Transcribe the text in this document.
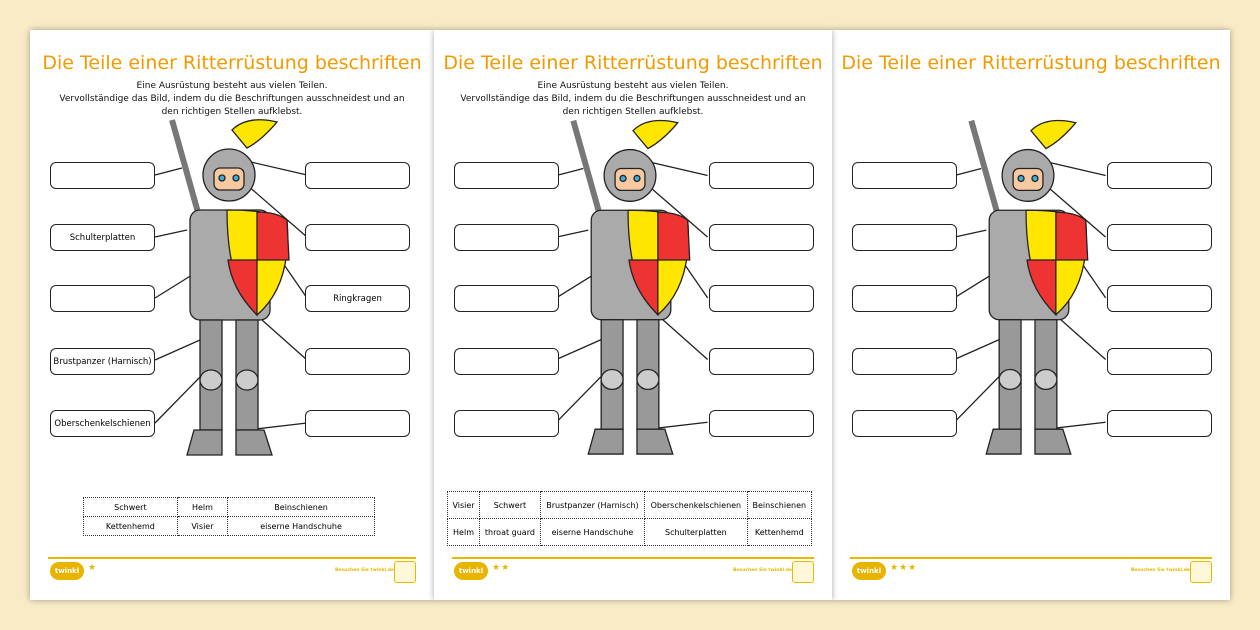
Die Teile einer Ritterrüstung beschriften
Eine Ausrüstung besteht aus vielen Teilen.
Vervollständige das Bild, indem du die Beschriftungen ausschneidest und an den richtigen Stellen aufklebst.
Schulterplatten
Ringkragen
Brustpanzer (Harnisch)
Oberschenkelschienen
Schwert	Helm	Beinschienen
Kettenhemd	Visier	eiserne Handschuhe
twinkl ★	Besuchen Sie twinkl.de
Die Teile einer Ritterrüstung beschriften
twinkl ★★★	Besuchen Sie twinkl.de
Die Teile einer Ritterrüstung beschriften
Eine Ausrüstung besteht aus vielen Teilen.
Vervollständige das Bild, indem du die Beschriftungen ausschneidest und an den richtigen Stellen aufklebst.
Visier	Schwert	Brustpanzer (Harnisch)	Oberschenkelschienen	Beinschienen
Helm	throat guard	eiserne Handschuhe	Schulterplatten	Kettenhemd
twinkl ★★	Besuchen Sie twinkl.de
